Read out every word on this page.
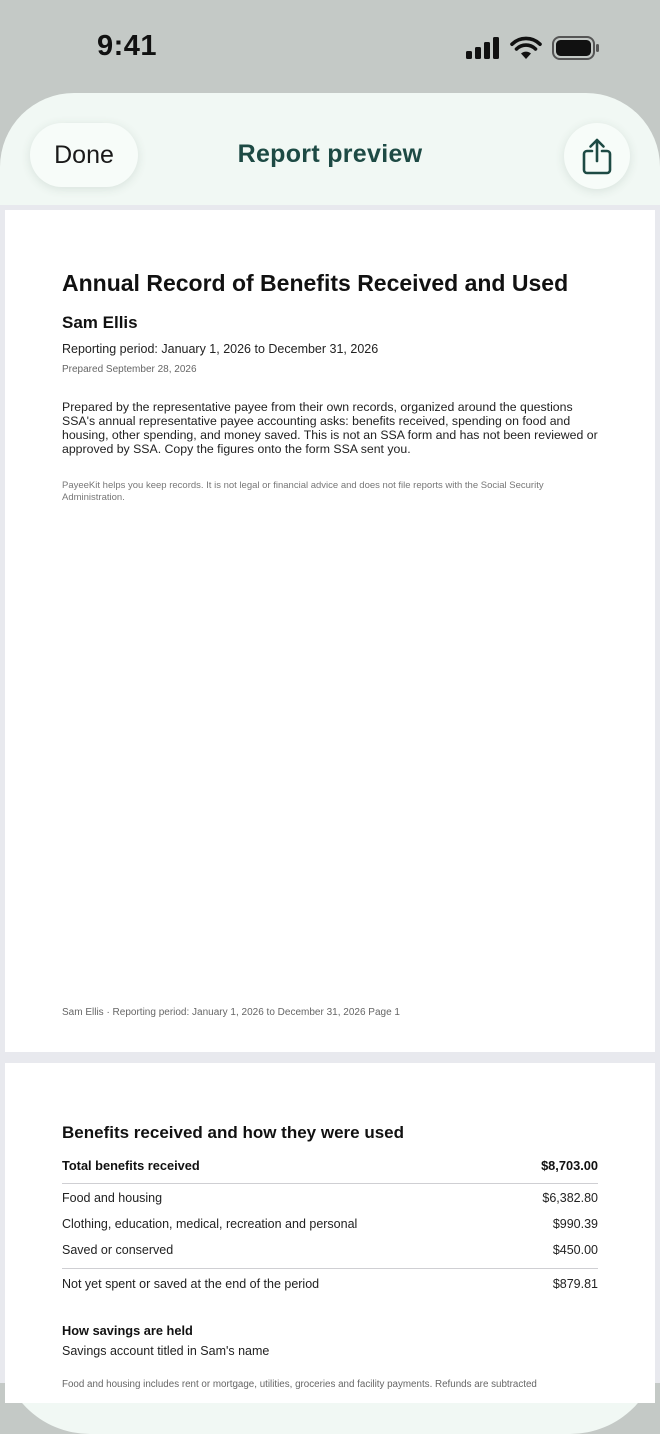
9:41
Done	Report preview
Annual Record of Benefits Received and Used
Sam Ellis
Reporting period: January 1, 2026 to December 31, 2026
Prepared September 28, 2026

Prepared by the representative payee from their own records, organized around the questions SSA's annual representative payee accounting asks: benefits received, spending on food and housing, other spending, and money saved. This is not an SSA form and has not been reviewed or approved by SSA. Copy the figures onto the form SSA sent you.

PayeeKit helps you keep records. It is not legal or financial advice and does not file reports with the Social Security Administration.

Sam Ellis · Reporting period: January 1, 2026 to December 31, 2026 Page 1
Benefits received and how they were used
Total benefits received	$8,703.00
Food and housing	$6,382.80
Clothing, education, medical, recreation and personal	$990.39
Saved or conserved	$450.00
Not yet spent or saved at the end of the period	$879.81
How savings are held
Savings account titled in Sam's name
Food and housing includes rent or mortgage, utilities, groceries and facility payments. Refunds are subtracted
